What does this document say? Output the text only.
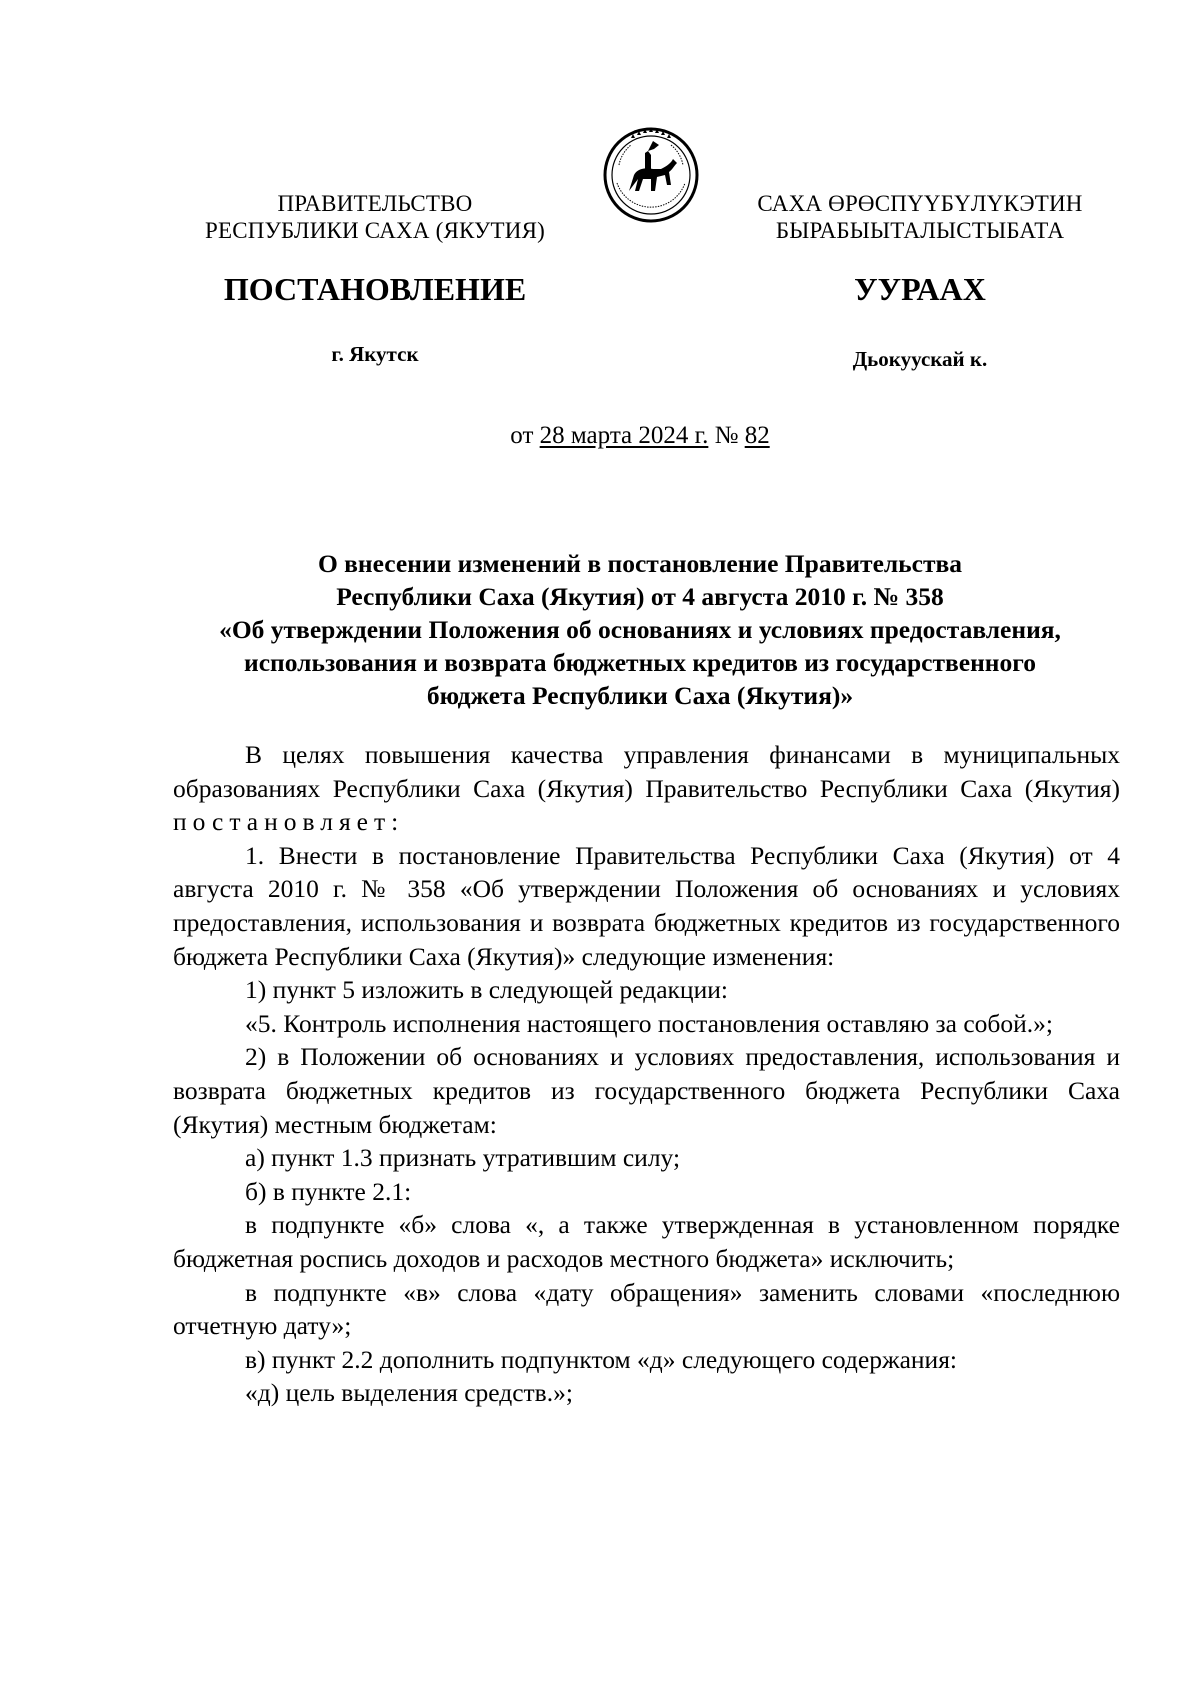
ПРАВИТЕЛЬСТВО
РЕСПУБЛИКИ САХА (ЯКУТИЯ)
САХА ӨРӨСПҮҮБҮЛҮКЭТИН
БЫРАБЫЫТАЛЫСТЫБАТА
ПОСТАНОВЛЕНИЕ	УУРААХ
г. Якутск	Дьокуускай к.
от 28 марта 2024 г. № 82
О внесении изменений в постановление Правительства
Республики Саха (Якутия) от 4 августа 2010 г. № 358
«Об утверждении Положения об основаниях и условиях предоставления,
использования и возврата бюджетных кредитов из государственного
бюджета Республики Саха (Якутия)»

В целях повышения качества управления финансами в муниципальных образованиях Республики Саха (Якутия) Правительство Республики Саха (Якутия) постановляет:

1. Внести в постановление Правительства Республики Саха (Якутия) от 4 августа 2010 г. № 358 «Об утверждении Положения об основаниях и условиях предоставления, использования и возврата бюджетных кредитов из государственного бюджета Республики Саха (Якутия)» следующие изменения:

1) пункт 5 изложить в следующей редакции:

«5. Контроль исполнения настоящего постановления оставляю за собой.»;

2) в Положении об основаниях и условиях предоставления, использования и возврата бюджетных кредитов из государственного бюджета Республики Саха (Якутия) местным бюджетам:

а) пункт 1.3 признать утратившим силу;

б) в пункте 2.1:

в подпункте «б» слова «, а также утвержденная в установленном порядке бюджетная роспись доходов и расходов местного бюджета» исключить;

в подпункте «в» слова «дату обращения» заменить словами «последнюю отчетную дату»;

в) пункт 2.2 дополнить подпунктом «д» следующего содержания:

«д) цель выделения средств.»;
